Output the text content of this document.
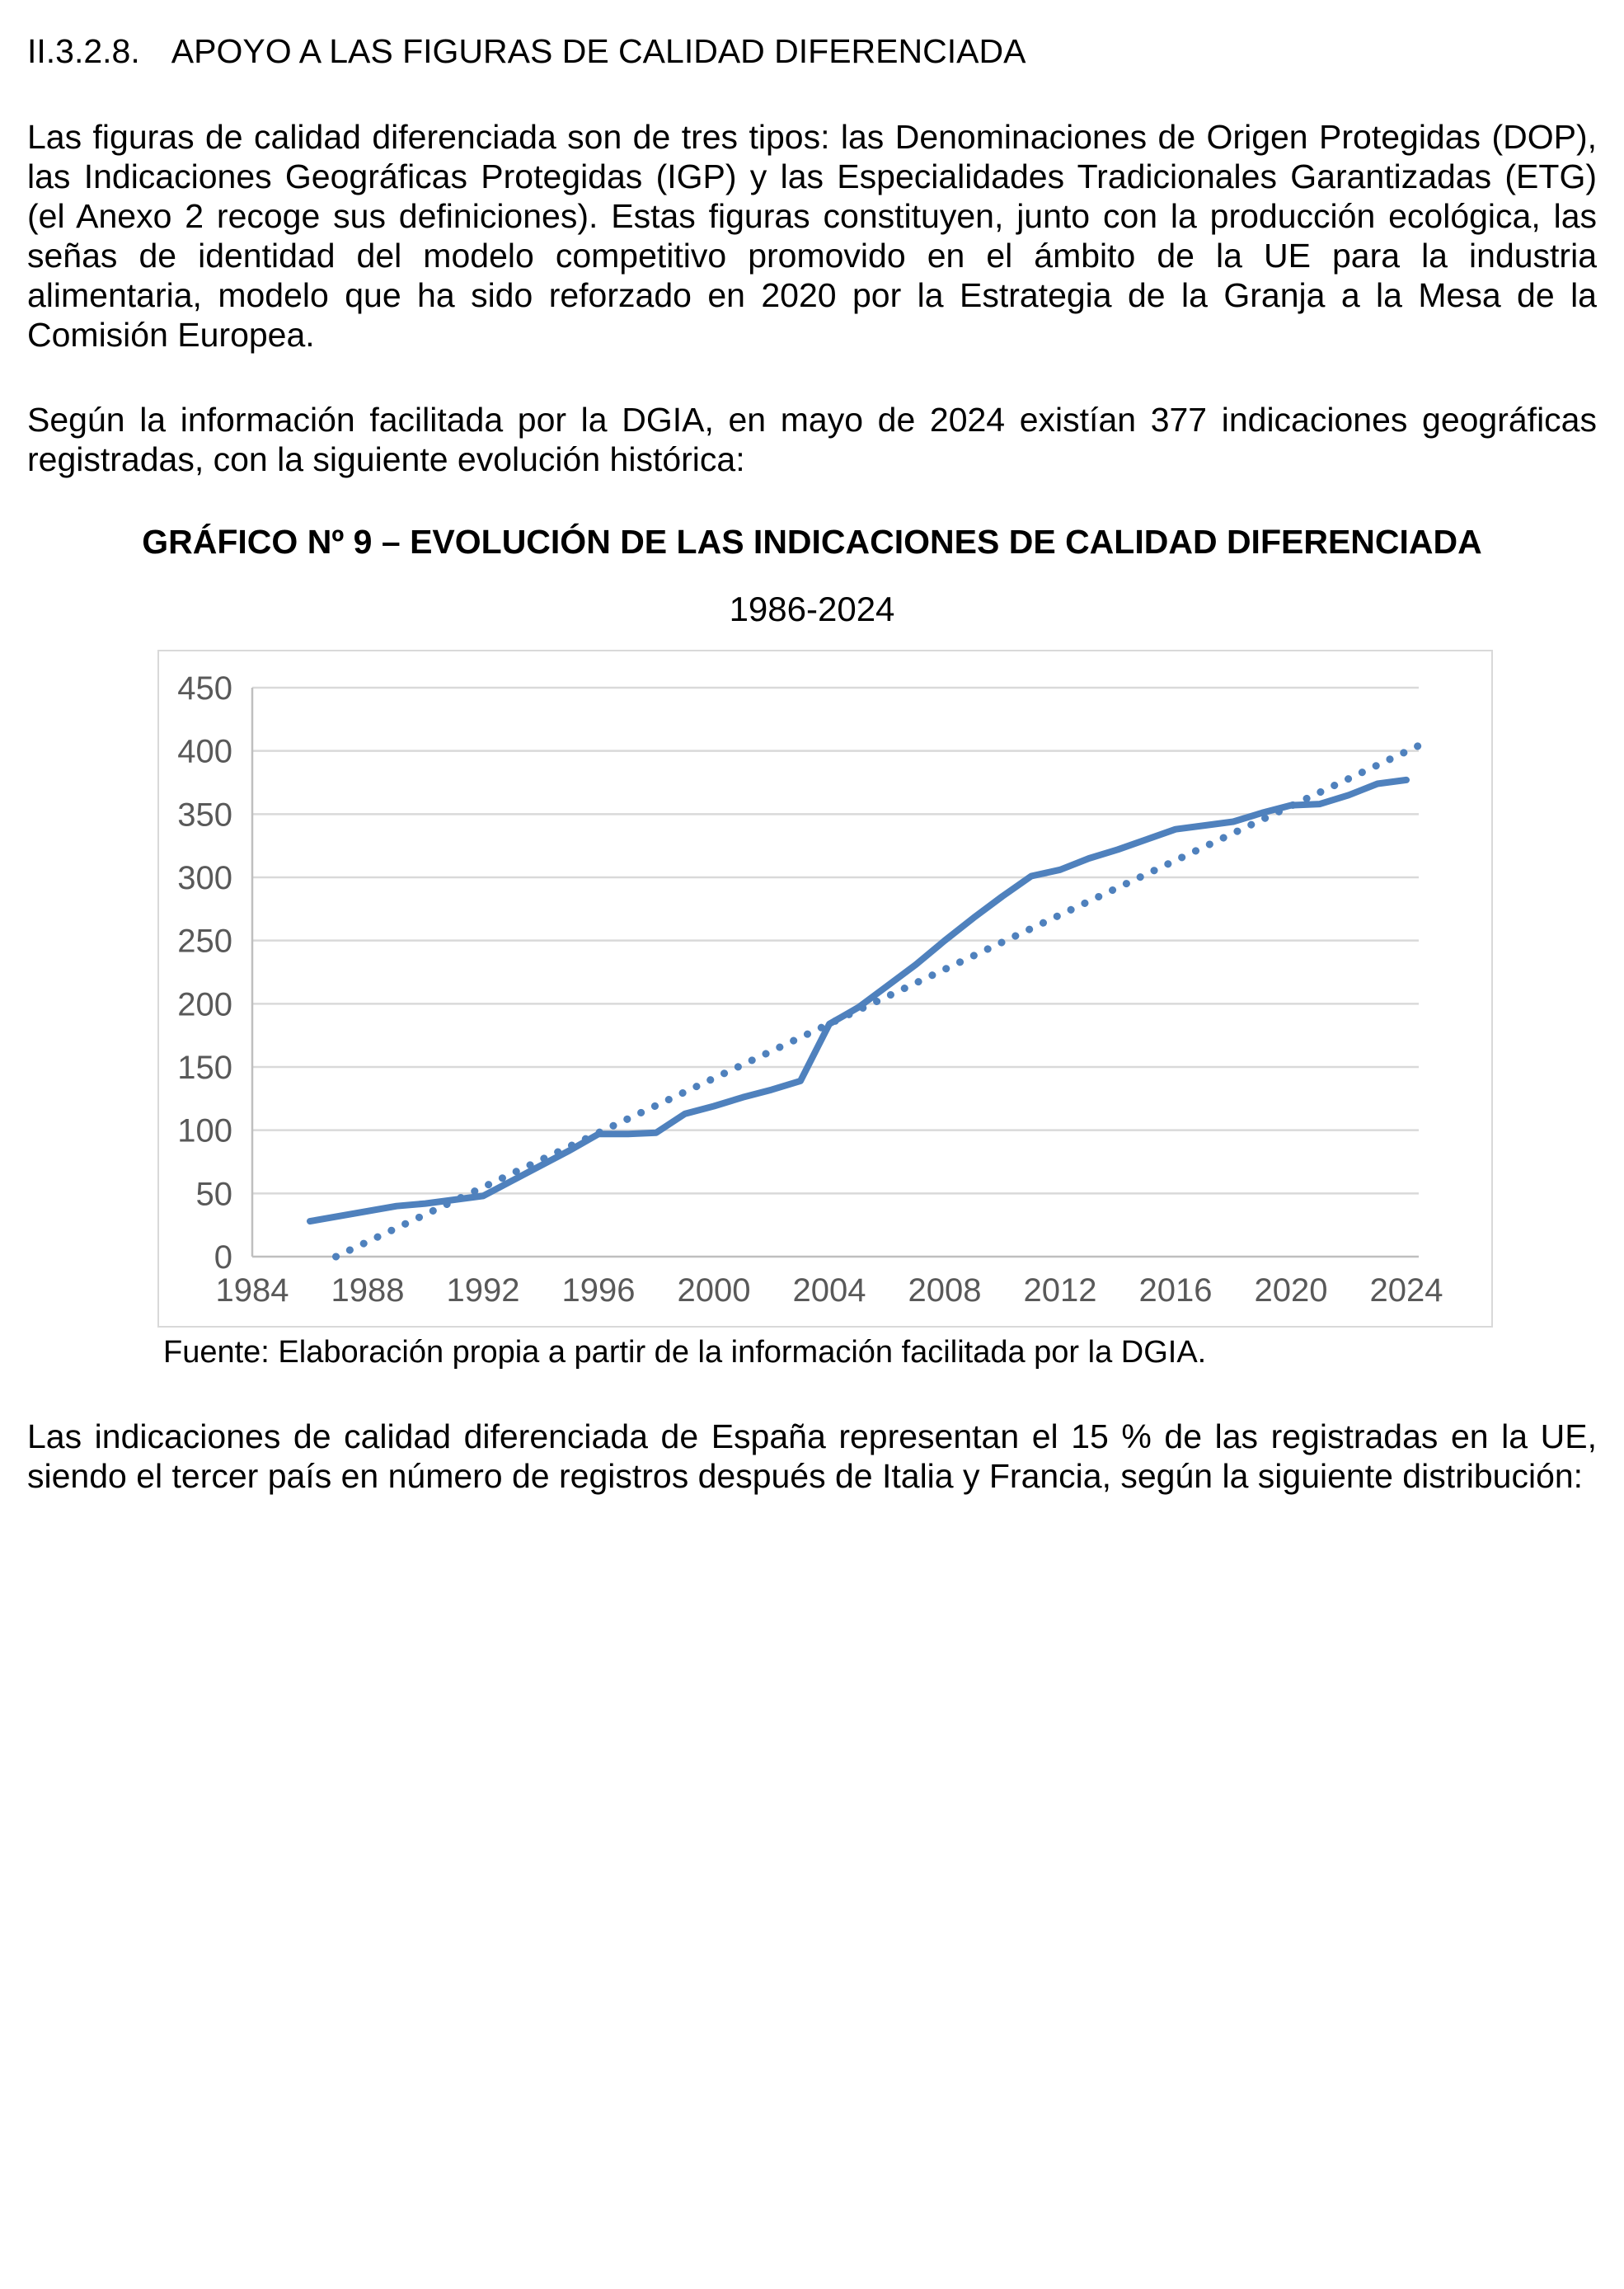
II.3.2.8. APOYO A LAS FIGURAS DE CALIDAD DIFERENCIADA

Las figuras de calidad diferenciada son de tres tipos: las Denominaciones de Origen Protegidas (DOP), las Indicaciones Geográficas Protegidas (IGP) y las Especialidades Tradicionales Garantizadas (ETG) (el Anexo 2 recoge sus definiciones). Estas figuras constituyen, junto con la producción ecológica, las señas de identidad del modelo competitivo promovido en el ámbito de la UE para la industria alimentaria, modelo que ha sido reforzado en 2020 por la Estrategia de la Granja a la Mesa de la Comisión Europea.

Según la información facilitada por la DGIA, en mayo de 2024 existían 377 indicaciones geográficas registradas, con la siguiente evolución histórica:

GRÁFICO Nº 9 – EVOLUCIÓN DE LAS INDICACIONES DE CALIDAD DIFERENCIADA
1986-2024
0
50
100
150
200
250
300
350
400
450
1984 1988 1992 1996 2000 2004 2008 2012 2016 2020 2024
Fuente: Elaboración propia a partir de la información facilitada por la DGIA.

Las indicaciones de calidad diferenciada de España representan el 15 % de las registradas en la UE, siendo el tercer país en número de registros después de Italia y Francia, según la siguiente distribución:
